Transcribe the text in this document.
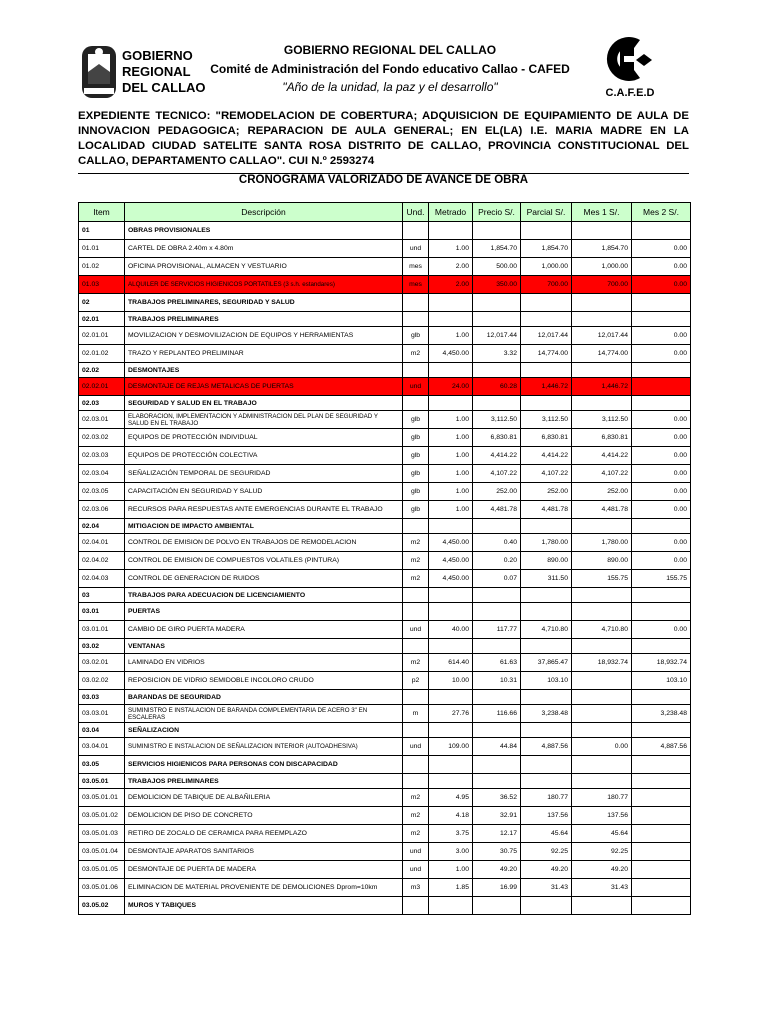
GOBIERNO
REGIONAL
DEL CALLAO
GOBIERNO REGIONAL DEL CALLAO
Comité de Administración del Fondo educativo Callao - CAFED
"Año de la unidad, la paz y el desarrollo"	C.A.F.E.D
EXPEDIENTE TECNICO: "REMODELACION DE COBERTURA; ADQUISICION DE EQUIPAMIENTO DE AULA DE INNOVACION PEDAGOGICA; REPARACION DE AULA GENERAL; EN EL(LA) I.E. MARIA MADRE EN LA LOCALIDAD CIUDAD SATELITE SANTA ROSA DISTRITO DE CALLAO, PROVINCIA CONSTITUCIONAL DEL CALLAO, DEPARTAMENTO CALLAO". CUI N.º 2593274
CRONOGRAMA VALORIZADO DE AVANCE DE OBRA
Item	Descripción	Und.	Metrado	Precio S/.	Parcial S/.	Mes 1 S/.	Mes 2 S/.
01	OBRAS PROVISIONALES						
01.01	CARTEL DE OBRA 2.40m x 4.80m	und	1.00	1,854.70	1,854.70	1,854.70	0.00
01.02	OFICINA PROVISIONAL, ALMACEN Y VESTUARIO	mes	2.00	500.00	1,000.00	1,000.00	0.00
01.03	ALQUILER DE SERVICIOS HIGIENICOS PORTATILES (3 s.h. estandares)	mes	2.00	350.00	700.00	700.00	0.00
02	TRABAJOS PRELIMINARES, SEGURIDAD Y SALUD						
02.01	TRABAJOS PRELIMINARES						
02.01.01	MOVILIZACION Y DESMOVILIZACION DE EQUIPOS Y HERRAMIENTAS	glb	1.00	12,017.44	12,017.44	12,017.44	0.00
02.01.02	TRAZO Y REPLANTEO PRELIMINAR	m2	4,450.00	3.32	14,774.00	14,774.00	0.00
02.02	DESMONTAJES						
02.02.01	DESMONTAJE DE REJAS METALICAS DE PUERTAS	und	24.00	60.28	1,446.72	1,446.72	
02.03	SEGURIDAD Y SALUD EN EL TRABAJO						
02.03.01	ELABORACION, IMPLEMENTACION Y ADMINISTRACION DEL PLAN DE SEGURIDAD Y SALUD EN EL TRABAJO	glb	1.00	3,112.50	3,112.50	3,112.50	0.00
02.03.02	EQUIPOS DE PROTECCIÓN INDIVIDUAL	glb	1.00	6,830.81	6,830.81	6,830.81	0.00
02.03.03	EQUIPOS DE PROTECCIÓN COLECTIVA	glb	1.00	4,414.22	4,414.22	4,414.22	0.00
02.03.04	SEÑALIZACIÓN TEMPORAL DE SEGURIDAD	glb	1.00	4,107.22	4,107.22	4,107.22	0.00
02.03.05	CAPACITACIÓN EN SEGURIDAD Y SALUD	glb	1.00	252.00	252.00	252.00	0.00
02.03.06	RECURSOS PARA RESPUESTAS ANTE EMERGENCIAS DURANTE EL TRABAJO	glb	1.00	4,481.78	4,481.78	4,481.78	0.00
02.04	MITIGACION DE IMPACTO AMBIENTAL						
02.04.01	CONTROL DE EMISION DE POLVO EN TRABAJOS DE REMODELACION	m2	4,450.00	0.40	1,780.00	1,780.00	0.00
02.04.02	CONTROL DE EMISION DE COMPUESTOS VOLATILES (PINTURA)	m2	4,450.00	0.20	890.00	890.00	0.00
02.04.03	CONTROL DE GENERACION DE RUIDOS	m2	4,450.00	0.07	311.50	155.75	155.75
03	TRABAJOS PARA ADECUACION DE LICENCIAMIENTO						
03.01	PUERTAS						
03.01.01	CAMBIO DE GIRO PUERTA MADERA	und	40.00	117.77	4,710.80	4,710.80	0.00
03.02	VENTANAS						
03.02.01	LAMINADO EN VIDRIOS	m2	614.40	61.63	37,865.47	18,932.74	18,932.74
03.02.02	REPOSICION DE VIDRIO SEMIDOBLE INCOLORO CRUDO	p2	10.00	10.31	103.10		103.10
03.03	BARANDAS DE SEGURIDAD						
03.03.01	SUMINISTRO E INSTALACION DE BARANDA COMPLEMENTARIA DE ACERO 3" EN ESCALERAS	m	27.76	116.66	3,238.48		3,238.48
03.04	SEÑALIZACION						
03.04.01	SUMINISTRO E INSTALACION DE SEÑALIZACION INTERIOR (AUTOADHESIVA)	und	109.00	44.84	4,887.56	0.00	4,887.56
03.05	SERVICIOS HIGIENICOS PARA PERSONAS CON DISCAPACIDAD						
03.05.01	TRABAJOS PRELIMINARES						
03.05.01.01	DEMOLICION DE TABIQUE DE ALBAÑILERIA	m2	4.95	36.52	180.77	180.77	
03.05.01.02	DEMOLICION DE PISO DE CONCRETO	m2	4.18	32.91	137.56	137.56	
03.05.01.03	RETIRO DE ZOCALO DE CERAMICA PARA REEMPLAZO	m2	3.75	12.17	45.64	45.64	
03.05.01.04	DESMONTAJE APARATOS SANITARIOS	und	3.00	30.75	92.25	92.25	
03.05.01.05	DESMONTAJE DE PUERTA DE MADERA	und	1.00	49.20	49.20	49.20	
03.05.01.06	ELIMINACION DE MATERIAL PROVENIENTE DE DEMOLICIONES Dprom=10km	m3	1.85	16.99	31.43	31.43	
03.05.02	MUROS Y TABIQUES						
